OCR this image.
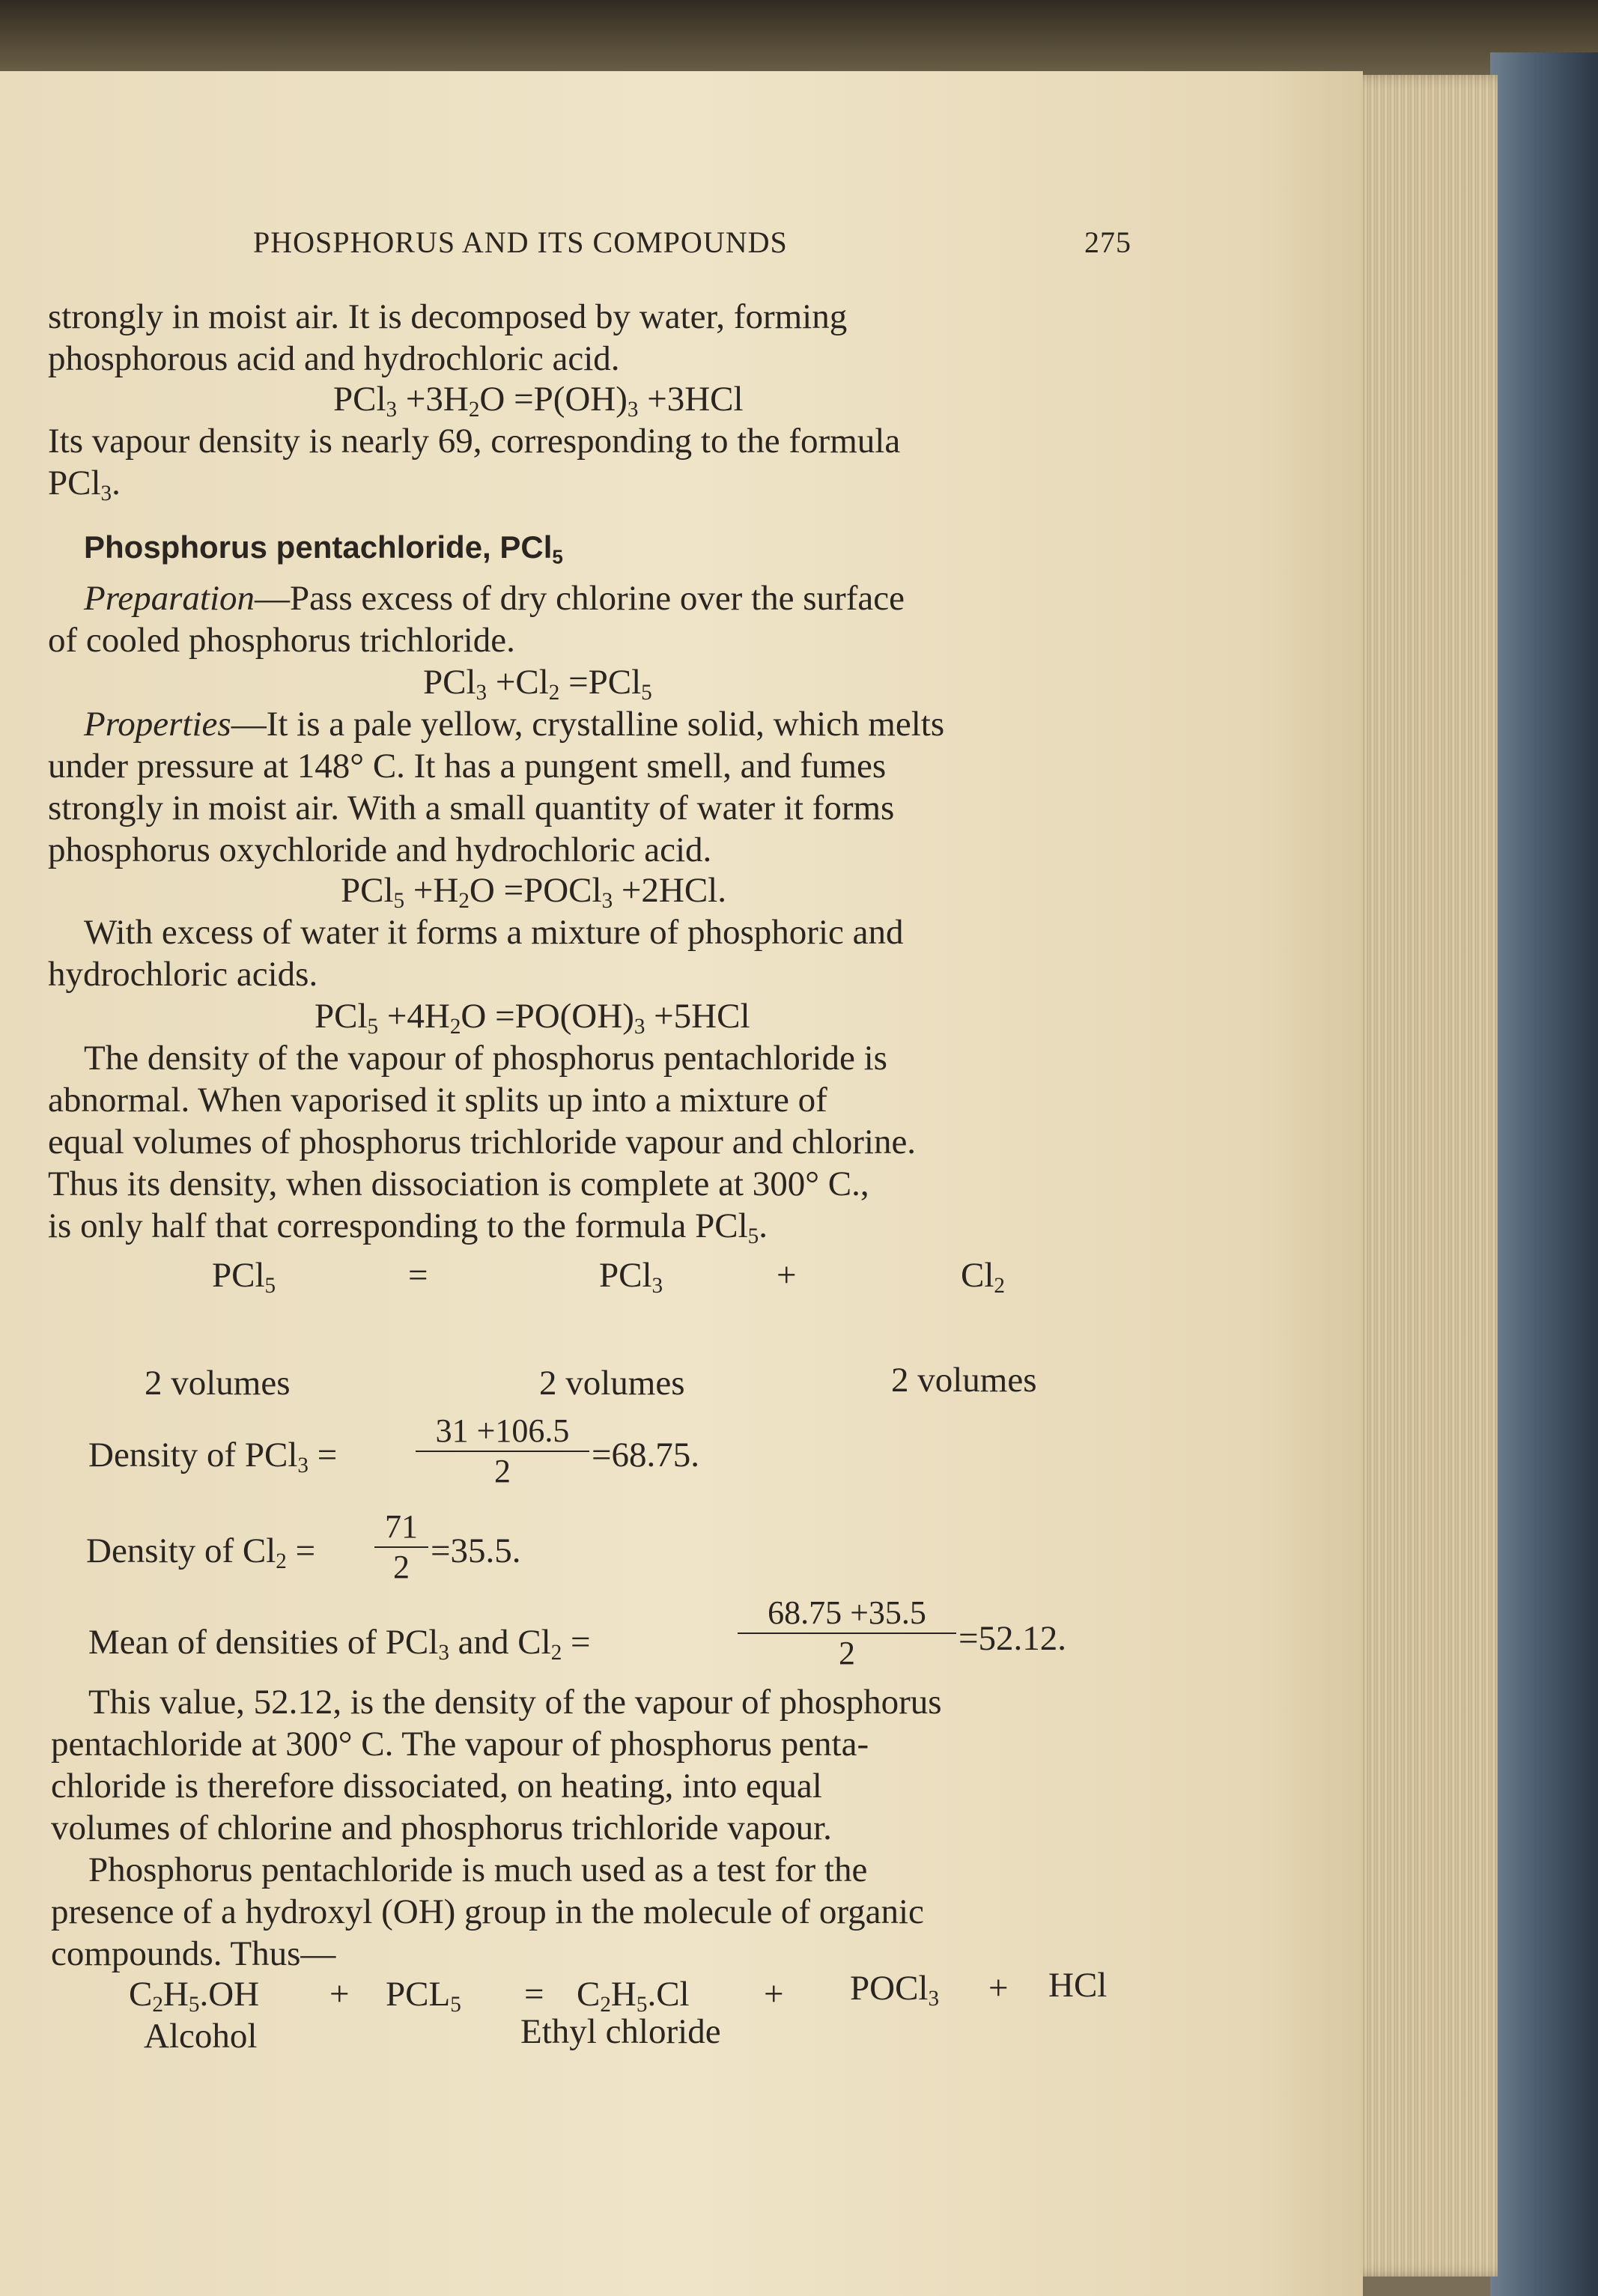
PHOSPHORUS AND ITS COMPOUNDS	275
strongly in moist air. It is decomposed by water, forming
phosphorous acid and hydrochloric acid.
$PCl_3 +3H_2O =P(OH)_3 +3HCl$
Its vapour density is nearly 69, corresponding to the formula
PCl$_3$.
Phosphorus pentachloride, PCl$_5$
Preparation—Pass excess of dry chlorine over the surface
of cooled phosphorus trichloride.
$PCl_3 +Cl_2 =PCl_5$
Properties—It is a pale yellow, crystalline solid, which melts
under pressure at 148° C. It has a pungent smell, and fumes
strongly in moist air. With a small quantity of water it forms
phosphorus oxychloride and hydrochloric acid.
$PCl_5 +H_2O$ =POCl$_3$ +2HCl.
With excess of water it forms a mixture of phosphoric and
hydrochloric acids.
$PCl_5 +4H_2O =PO(OH)_3 +5HCl$
The density of the vapour of phosphorus pentachloride is
abnormal. When vaporised it splits up into a mixture of
equal volumes of phosphorus trichloride vapour and chlorine.
Thus its density, when dissociation is complete at 300° C.,
is only half that corresponding to the formula PCl$_5$.
PCl$_5$	=	PCl$_3$	+	$Cl_2$
2 volumes	2 volumes	2 volumes
Density of $PCl_3 = \frac{31 +106.5}{2} =68.75$.
Density of $Cl_2 = \frac{71}{2} =35.5$.
Mean of densities of PCl$_3$ and $Cl_2$ =	$\frac{68.75 +35.5}{2} =52.12$.
This value, 52.12, is the density of the vapour of phosphorus
pentachloride at 300° C. The vapour of phosphorus penta-
chloride is therefore dissociated, on heating, into equal
volumes of chlorine and phosphorus trichloride vapour.
Phosphorus pentachloride is much used as a test for the
presence of a hydroxyl (OH) group in the molecule of organic
compounds. Thus—
$C_2H_5.OH + PCL_5 = C_2H_5.Cl$ + POCl$_3$ + HCl
Alcohol	Ethyl chloride
